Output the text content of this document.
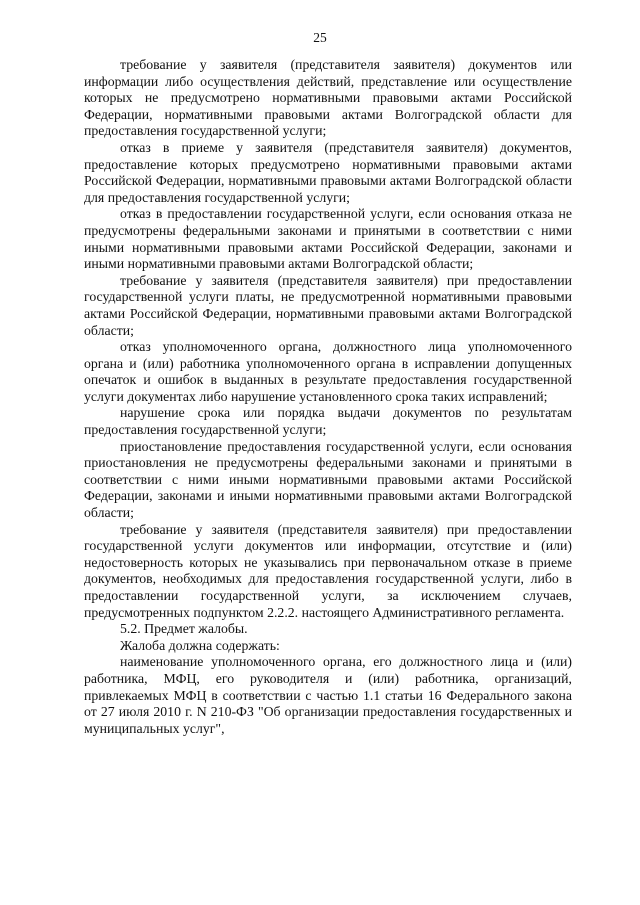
25

требование у заявителя (представителя заявителя) документов или информации либо осуществления действий, представление или осуществление которых не предусмотрено нормативными правовыми актами Российской Федерации, нормативными правовыми актами Волгоградской области для предоставления государственной услуги;

отказ в приеме у заявителя (представителя заявителя) документов, предоставление которых предусмотрено нормативными правовыми актами Российской Федерации, нормативными правовыми актами Волгоградской области для предоставления государственной услуги;

отказ в предоставлении государственной услуги, если основания отказа не предусмотрены федеральными законами и принятыми в соответствии с ними иными нормативными правовыми актами Российской Федерации, законами и иными нормативными правовыми актами Волгоградской области;

требование у заявителя (представителя заявителя) при предоставлении государственной услуги платы, не предусмотренной нормативными правовыми актами Российской Федерации, нормативными правовыми актами Волгоградской области;

отказ уполномоченного органа, должностного лица уполномоченного органа и (или) работника уполномоченного органа в исправлении допущенных опечаток и ошибок в выданных в результате предоставления государственной услуги документах либо нарушение установленного срока таких исправлений;

нарушение срока или порядка выдачи документов по результатам предоставления государственной услуги;

приостановление предоставления государственной услуги, если основания приостановления не предусмотрены федеральными законами и принятыми в соответствии с ними иными нормативными правовыми актами Российской Федерации, законами и иными нормативными правовыми актами Волгоградской области;

требование у заявителя (представителя заявителя) при предоставлении государственной услуги документов или информации, отсутствие и (или) недостоверность которых не указывались при первоначальном отказе в приеме документов, необходимых для предоставления государственной услуги, либо в предоставлении государственной услуги, за исключением случаев, предусмотренных подпунктом 2.2.2. настоящего Административного регламента.

5.2. Предмет жалобы.

Жалоба должна содержать:

наименование уполномоченного органа, его должностного лица и (или) работника, МФЦ, его руководителя и (или) работника, организаций, привлекаемых МФЦ в соответствии с частью 1.1 статьи 16 Федерального закона от 27 июля 2010 г. N 210-ФЗ "Об организации предоставления государственных и муниципальных услуг",
